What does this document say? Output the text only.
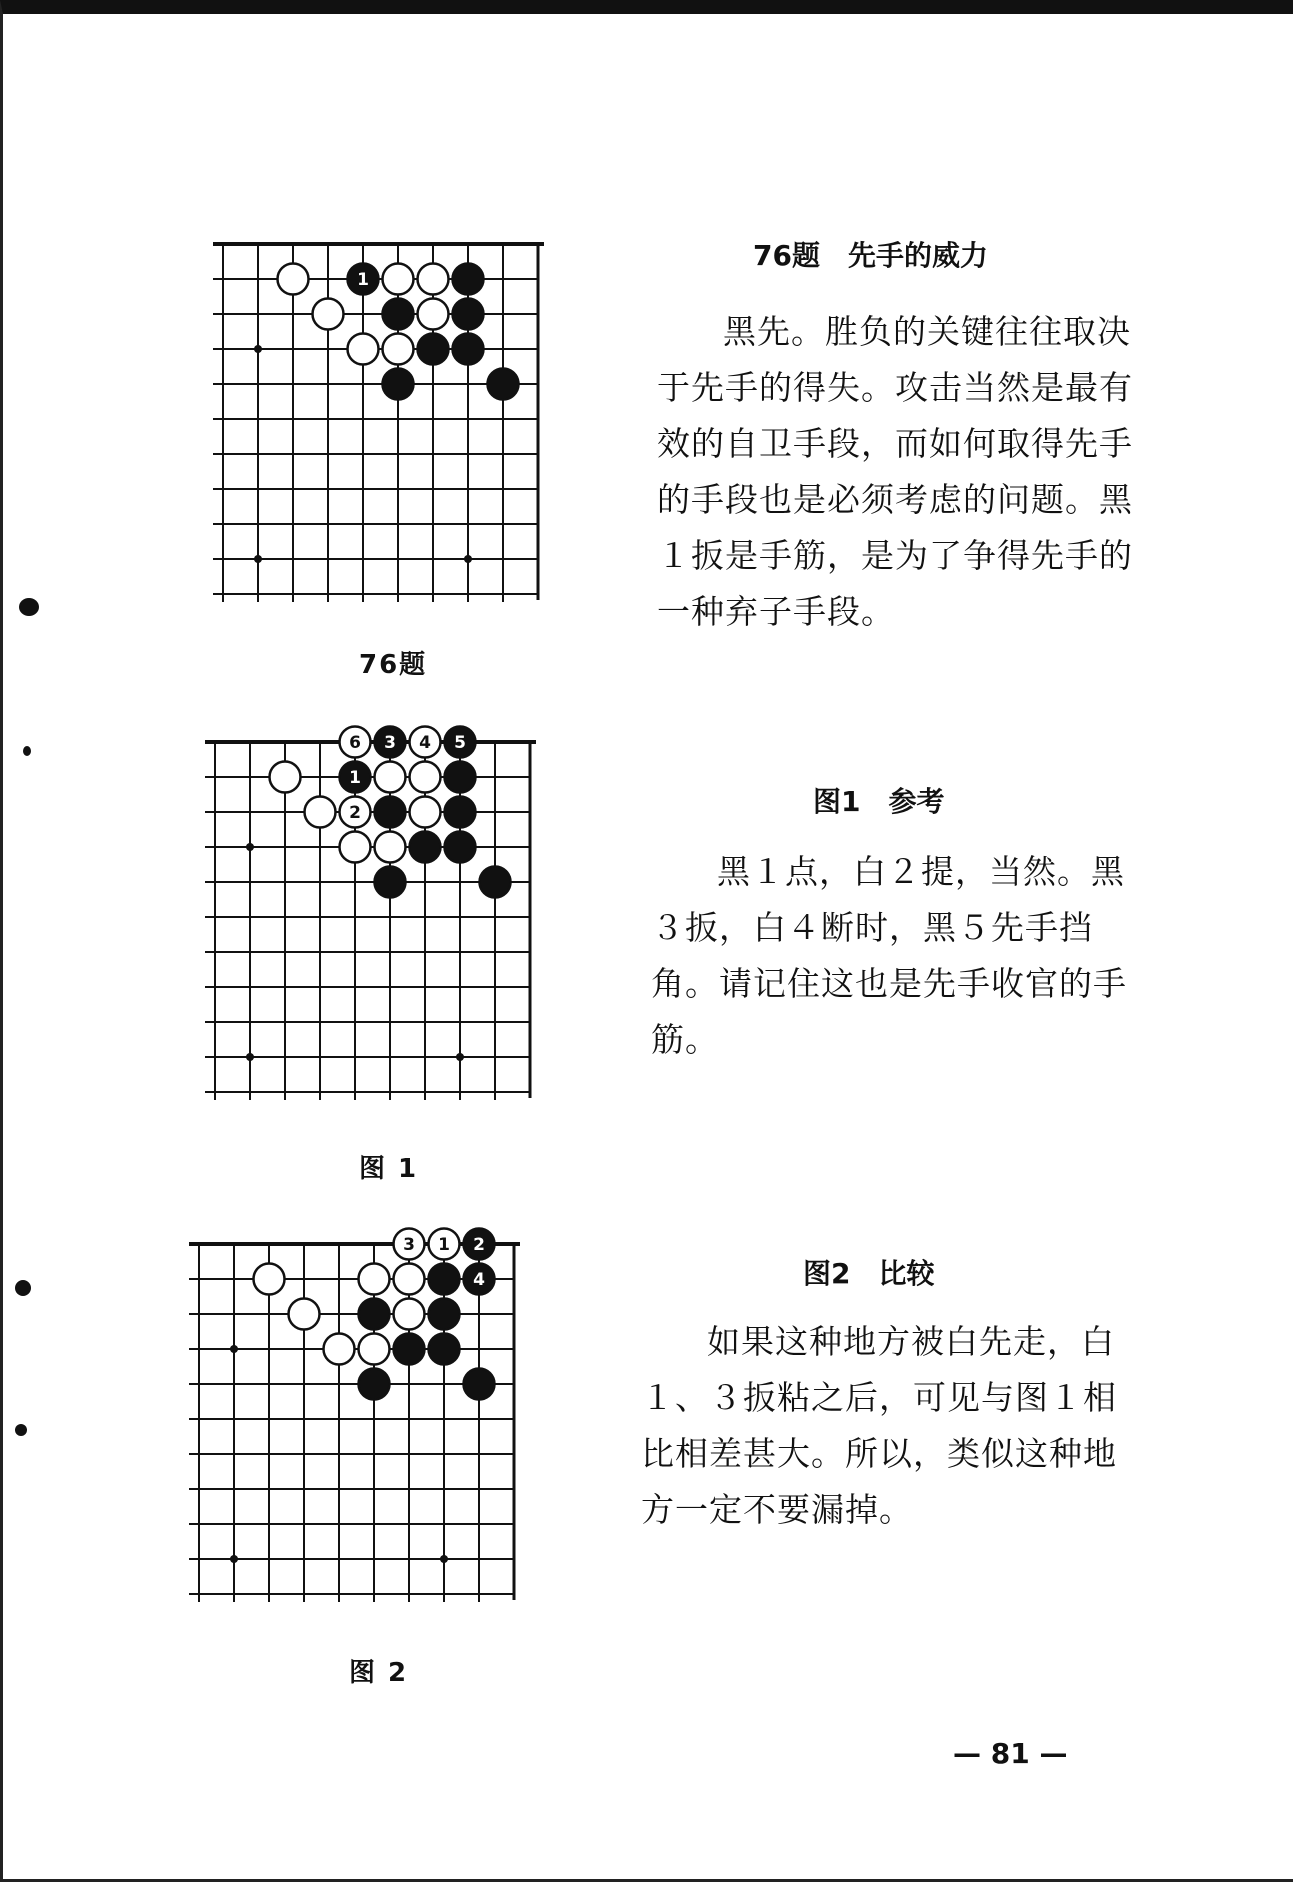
1
76题
76题　先手的威力
黑先。胜负的关键往往取决于先手的得失。攻击当然是最有效的自卫手段，而如何取得先手的手段也是必须考虑的问题。黑１扳是手筋，是为了争得先手的一种弃子手段。
6 3 4 5
1
2
图 1
图1　参考
黑１点，白２提，当然。黑３扳，白４断时，黑５先手挡角。请记住这也是先手收官的手筋。
3 1 2
4
图 2
图2　比较
如果这种地方被白先走，白１、３扳粘之后，可见与图１相比相差甚大。所以，类似这种地方一定不要漏掉。
— 81 —
